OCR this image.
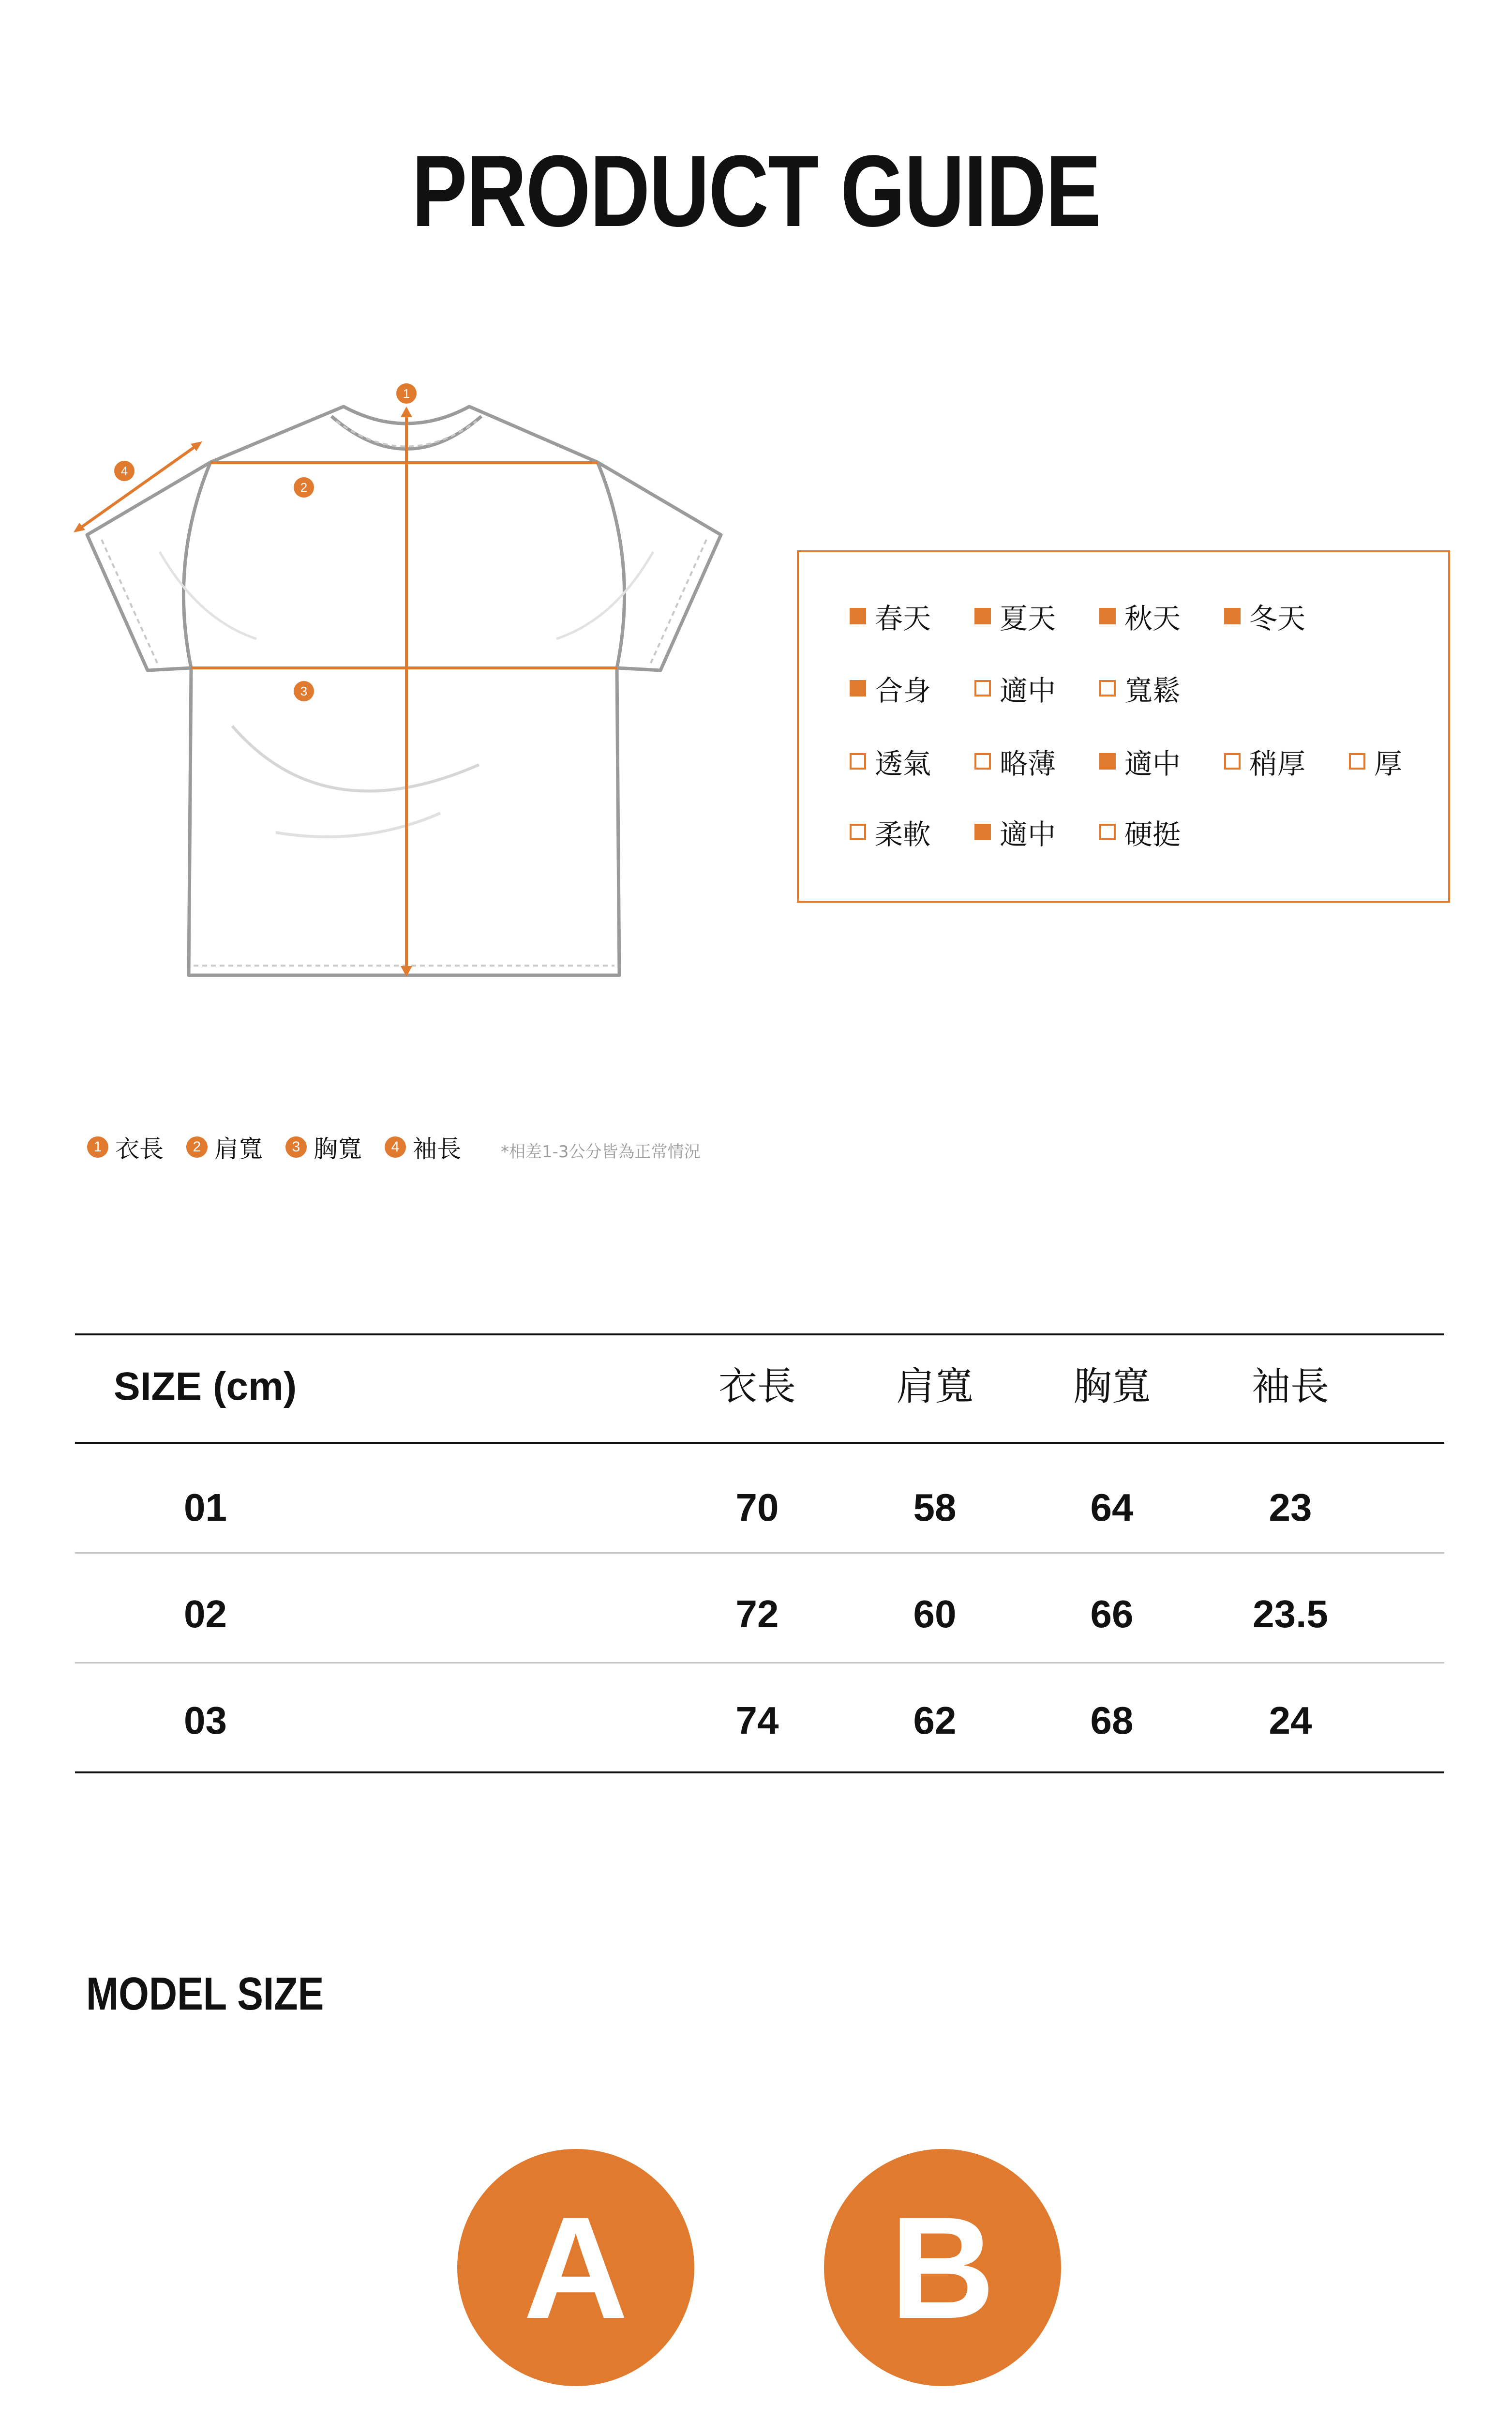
PRODUCT GUIDE
1
2
3
4
春天 夏天 秋天 冬天
合身 適中 寬鬆
透氣 略薄 適中 稍厚 厚
柔軟 適中 硬挺
1 衣長	2 肩寬	3 胸寬	4 袖長 *相差1-3公分皆為正常情況
SIZE (cm)	衣長	肩寬	胸寬	袖長
01	70	58	64	23
02	72	60	66	23.5
03	74	62	68	24
MODEL SIZE
A	B
